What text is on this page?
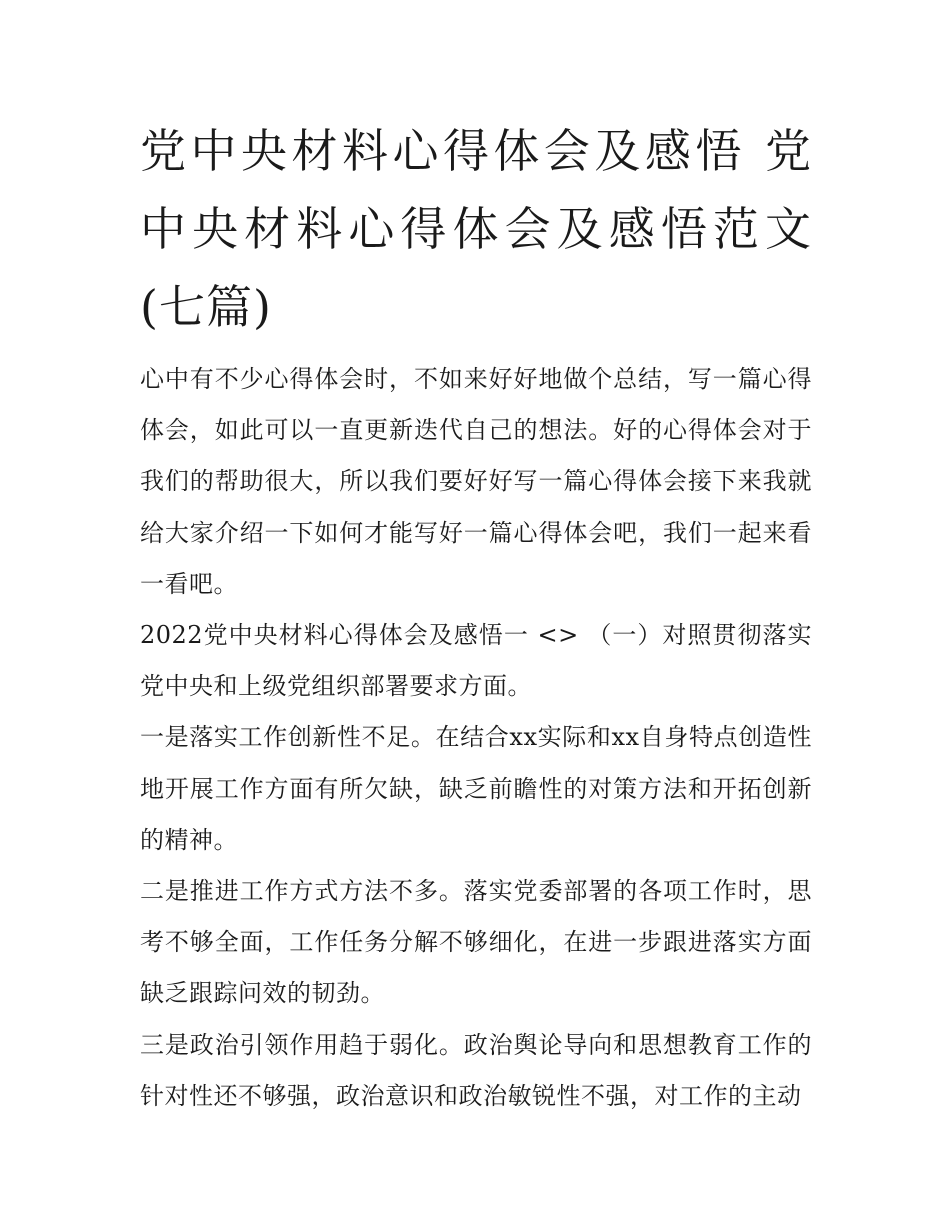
党中央材料心得体会及感悟 党中央材料心得体会及感悟范文(七篇)

心中有不少心得体会时，不如来好好地做个总结，写一篇心得体会，如此可以一直更新迭代自己的想法。好的心得体会对于我们的帮助很大，所以我们要好好写一篇心得体会接下来我就给大家介绍一下如何才能写好一篇心得体会吧，我们一起来看一看吧。

2022党中央材料心得体会及感悟一 <> （一）对照贯彻落实党中央和上级党组织部署要求方面。

一是落实工作创新性不足。在结合xx实际和xx自身特点创造性地开展工作方面有所欠缺，缺乏前瞻性的对策方法和开拓创新的精神。

二是推进工作方式方法不多。落实党委部署的各项工作时，思考不够全面，工作任务分解不够细化，在进一步跟进落实方面缺乏跟踪问效的韧劲。

三是政治引领作用趋于弱化。政治舆论导向和思想教育工作的针对性还不够强，政治意识和政治敏锐性不强，对工作的主动
